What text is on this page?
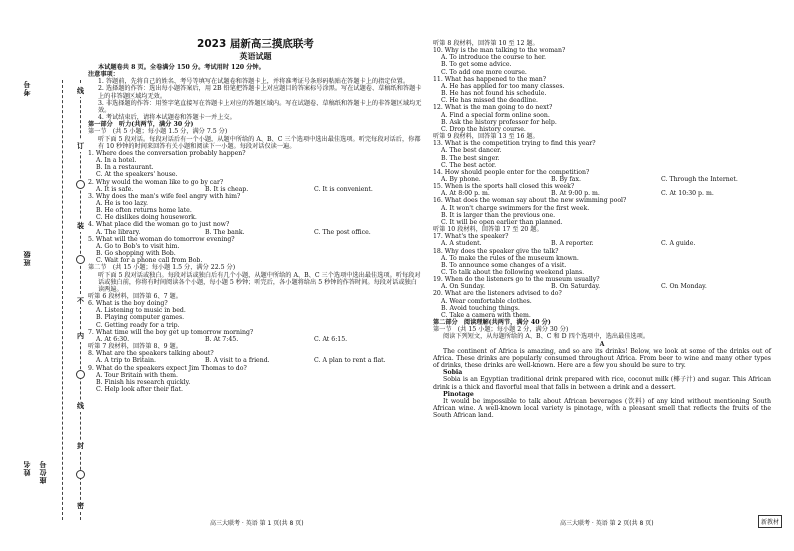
考号
班级
姓名 座位号
线
订
装
不
内
线
封
密
2023 届新高三摸底联考
英语试题

本试题卷共 8 页。全卷满分 150 分。考试用时 120 分钟。

注意事项：

1. 答题前，先将自己的姓名、考号等填写在试题卷和答题卡上，并将准考证号条形码粘贴在答题卡上的指定位置。

2. 选择题的作答：选出每小题答案后，用 2B 铅笔把答题卡上对应题目的答案标号涂黑。写在试题卷、草稿纸和答题卡上的非答题区域均无效。

3. 非选择题的作答：用签字笔直接写在答题卡上对应的答题区域内。写在试题卷、草稿纸和答题卡上的非答题区域均无效。

4. 考试结束后，请将本试题卷和答题卡一并上交。

第一部分　听力(共两节，满分 30 分)

第一节　(共 5 小题；每小题 1.5 分，满分 7.5 分)

听下面 5 段对话。每段对话后有一个小题，从题中所给的 A、B、C 三个选项中选出最佳选项。听完每段对话后，你都有 10 秒钟的时间来回答有关小题和阅读下一小题。每段对话仅读一遍。

1. Where does the conversation probably happen?

A. In a hotel.

B. In a restaurant.

C. At the speakers' house.

2. Why would the woman like to go by car?

A. It is safe.	B. It is cheap.	C. It is convenient.

3. Why does the man's wife feel angry with him?

A. He is too lazy.

B. He often returns home late.

C. He dislikes doing housework.

4. What place did the woman go to just now?

A. The library.	B. The bank.	C. The post office.

5. What will the woman do tomorrow evening?

A. Go to Bob's to visit him.

B. Go shopping with Bob.

C. Wait for a phone call from Bob.

第二节　(共 15 小题；每小题 1.5 分，满分 22.5 分)

听下面 5 段对话或独白。每段对话或独白后有几个小题，从题中所给的 A、B、C 三个选项中选出最佳选项。听每段对话或独白前，你将有时间阅读各个小题，每小题 5 秒钟；听完后，各小题将给出 5 秒钟的作答时间。每段对话或独白读两遍。

听第 6 段材料，回答第 6、7 题。

6. What is the boy doing?

A. Listening to music in bed.

B. Playing computer games.

C. Getting ready for a trip.

7. What time will the boy get up tomorrow morning?

A. At 6:30.	B. At 7:45.	C. At 6:15.

听第 7 段材料，回答第 8、9 题。

8. What are the speakers talking about?

A. A trip to Britain.	B. A visit to a friend.	C. A plan to rent a flat.

9. What do the speakers expect Jim Thomas to do?

A. Tour Britain with them.

B. Finish his research quickly.

C. Help look after their flat.

听第 8 段材料，回答第 10 至 12 题。

10. Why is the man talking to the woman?

A. To introduce the course to her.

B. To get some advice.

C. To add one more course.

11. What has happened to the man?

A. He has applied for too many classes.

B. He has not found his schedule.

C. He has missed the deadline.

12. What is the man going to do next?

A. Find a special form online soon.

B. Ask the history professor for help.

C. Drop the history course.

听第 9 段材料，回答第 13 至 16 题。

13. What is the competition trying to find this year?

A. The best dancer.

B. The best singer.

C. The best actor.

14. How should people enter for the competition?

A. By phone.	B. By fax.	C. Through the Internet.

15. When is the sports hall closed this week?

A. At 8:00 p. m.	B. At 9:00 p. m.	C. At 10:30 p. m.

16. What does the woman say about the new swimming pool?

A. It won't charge swimmers for the first week.

B. It is larger than the previous one.

C. It will be open earlier than planned.

听第 10 段材料，回答第 17 至 20 题。

17. What's the speaker?

A. A student.	B. A reporter.	C. A guide.

18. Why does the speaker give the talk?

A. To make the rules of the museum known.

B. To announce some changes of a visit.

C. To talk about the following weekend plans.

19. When do the listeners go to the museum usually?

A. On Sunday.	B. On Saturday.	C. On Monday.

20. What are the listeners advised to do?

A. Wear comfortable clothes.

B. Avoid touching things.

C. Take a camera with them.

第二部分　阅读理解(共两节，满分 40 分)

第一节　(共 15 小题；每小题 2 分，满分 30 分)

阅读下列短文，从每题所给的 A、B、C 和 D 四个选项中，选出最佳选项。

A

The continent of Africa is amazing, and so are its drinks! Below, we look at some of the drinks out of Africa. These drinks are popularly consumed throughout Africa. From beer to wine and many other types of drinks, these drinks are well-known. Here are a few you should be sure to try.

Sobia

Sobia is an Egyptian traditional drink prepared with rice, coconut milk (椰子汁) and sugar. This African drink is a thick and flavorful meal that falls in between a drink and a dessert.

Pinotage

It would be impossible to talk about African beverages (饮料) of any kind without mentioning South African wine. A well-known local variety is pinotage, with a pleasant smell that reflects the fruits of the South African land.

高三大联考 · 英语 第 1 页(共 8 页)	高三大联考 · 英语 第 2 页(共 8 页)	新教材
